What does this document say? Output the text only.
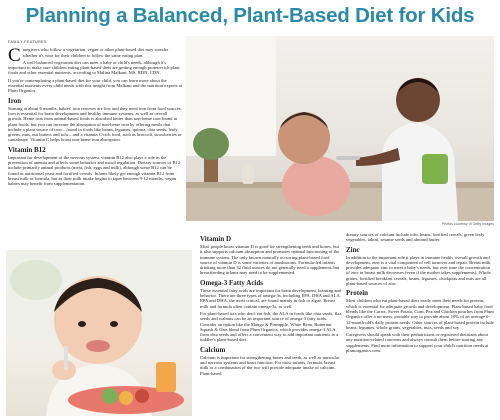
Planning a Balanced, Plant-Based Diet for Kids
FAMILY FEATURES

Caregivers who follow a vegetarian, vegan or other plant-based diet may wonder whether it's wise for their children to follow the same eating plan.

A well-balanced vegetarian diet can meet a baby or child's needs, although it's important to make sure children eating plant-based diets are getting enough protein-rich plant foods and other essential nutrients, according to Malina Malkani, MS, RDN, CDN.

If you're contemplating a plant-based diet for your child, you can learn more about the essential nutrients every child needs with this insight from Malkani and the nutrition experts at Plum Organics.

Iron

Starting at about 6 months, babies' iron reserves are low and they need iron from food sources. Iron is essential for brain development and healthy immune systems, as well as overall growth. Heme iron from animal-based foods is absorbed better than non-heme iron found in plant foods, but you can increase the absorption of non-heme iron by offering meals that include a plant source of iron – found in foods like beans, legumes, quinoa, chia seeds, leafy greens, nuts, nut butters and tofu – and a vitamin C-rich food, such as broccoli, strawberries or cantaloupe. Vitamin C helps boost non-heme iron absorption.

Vitamin B12

Important for development of the nervous system, vitamin B12 also plays a role in the prevention of anemia and affects some behavior and mood regulation. Dietary sources of B12 include primarily animal products (meat, fish, eggs and milk), although some B12 can be found in nutritional yeast and fortified cereals. Infants likely get enough vitamin B12 from breast milk or formula, but as their milk intake begins to taper between 9-12 months, vegan babies may benefit from supplementation.

Photos courtesy of Getty Images
Vitamin D

Most people know vitamin D is good for strengthening teeth and bones, but it also supports calcium absorption and promotes optimal functioning of the immune system. The only known naturally occurring plant-based food source of vitamin D is some varieties of mushrooms. Formula-fed infants drinking more than 32 fluid ounces do not generally need a supplement, but breastfeeding infants may need to be supplemented.

Omega-3 Fatty Acids

These essential fatty acids are important for brain development, learning and behavior. There are three types of omega-3s, including EPA, DHA and ALA. EPA and DHA, the most critical, are found mainly in fish or algae. Breast milk and formula often contain omega-3s, as well.

For plant-based tots who don't eat fish, the ALA in foods like chia seeds, flax seeds and walnuts can be an important source of omega-3 fatty acids. Consider an option like the Mango & Pineapple, White Bean, Butternut Squash & Oats blend from Plum Organics, which provides omega-3 ALA from chia seeds and offers a convenient way to add important nutrients to a toddler's plant-based diet.

Calcium

Calcium is important for strengthening bones and teeth, as well as muscular and nervous systems and heart function. For most infants, formula, breast milk or a combination of the two will provide adequate intake of calcium. Plant-based

dietary sources of calcium include tofu, beans, fortified cereals, green leafy vegetables, tahini, sesame seeds and almond butter.

Zinc

In addition to the important role it plays in immune health, overall growth and development, zinc is a vital component of cell turnover and repair. Breast milk provides adequate zinc to meet a baby's needs, but over time the concentration of zinc in breast milk decreases (even if the mother takes supplements). Whole grains, fortified breakfast cereals, beans, legumes, chickpeas and nuts are all plant-based sources of zinc.

Protein

Most children who eat plant-based diets easily meet their needs for protein, which is essential for adequate growth and development. Plant-based baby food blends like the Carrot, Sweet Potato, Corn, Pea and Chicken pouches from Plum Organics offer a no-mess, portable way to provide about 10% of an average 6-12-month-old's daily protein needs. Other sources of plant-based protein include beans, legumes, whole grains, vegetables, nuts, seeds and soy.

Caregivers should speak with their pediatricians or registered dietitians about any nutrition-related concerns and always consult them before starting any supplements. Find more information to support your child's nutrition needs at plumorganics.com.
